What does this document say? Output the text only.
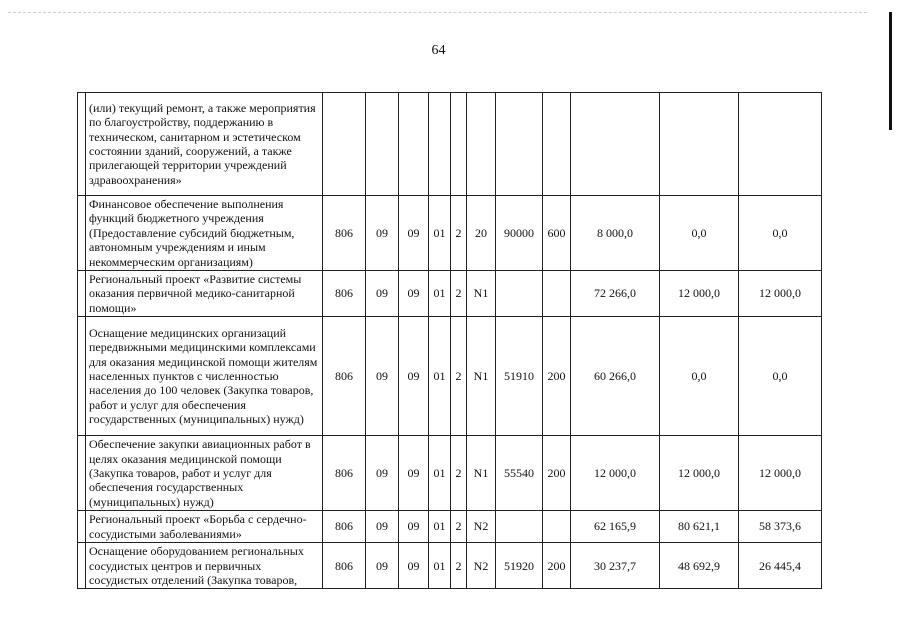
64
	(или) текущий ремонт, а также мероприятия по благоустройству, поддержанию в техническом, санитарном и эстетическом состоянии зданий, сооружений, а также прилегающей территории учреждений здравоохранения»											
	Финансовое обеспечение выполнения функций бюджетного учреждения (Предоставление субсидий бюджетным, автономным учреждениям и иным некоммерческим организациям)	806	09	09	01	2	20	90000	600	8 000,0	0,0	0,0
	Региональный проект «Развитие системы оказания первичной медико-санитарной помощи»	806	09	09	01	2	N1			72 266,0	12 000,0	12 000,0
	Оснащение медицинских организаций передвижными медицинскими комплексами для оказания медицинской помощи жителям населенных пунктов с численностью населения до 100 человек (Закупка товаров, работ и услуг для обеспечения государственных (муниципальных) нужд)	806	09	09	01	2	N1	51910	200	60 266,0	0,0	0,0
	Обеспечение закупки авиационных работ в целях оказания медицинской помощи (Закупка товаров, работ и услуг для обеспечения государственных (муниципальных) нужд)	806	09	09	01	2	N1	55540	200	12 000,0	12 000,0	12 000,0
	Региональный проект «Борьба с сердечно-сосудистыми заболеваниями»	806	09	09	01	2	N2			62 165,9	80 621,1	58 373,6
	Оснащение оборудованием региональных сосудистых центров и первичных сосудистых отделений (Закупка товаров,	806	09	09	01	2	N2	51920	200	30 237,7	48 692,9	26 445,4
